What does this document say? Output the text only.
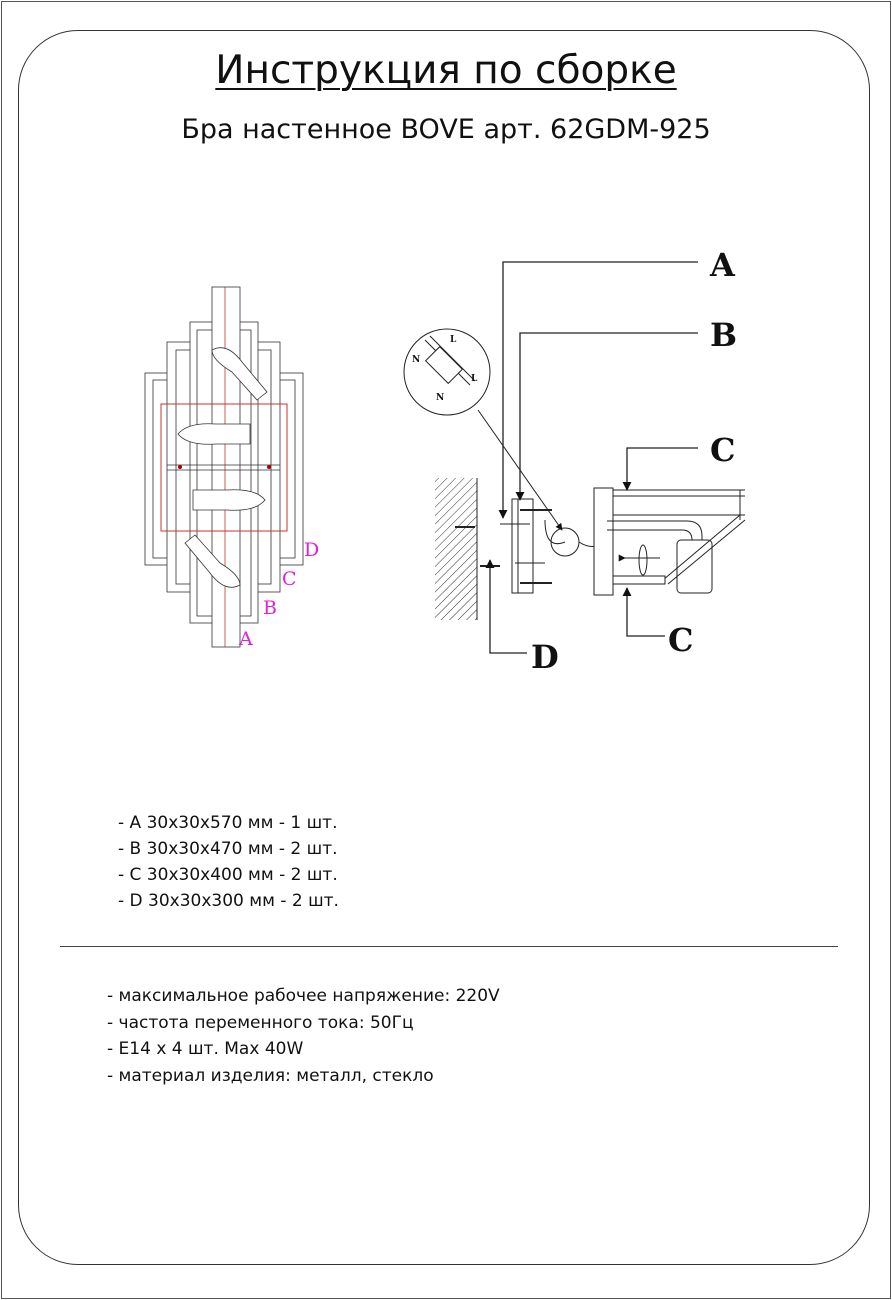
Инструкция по сборке
Бра настенное BOVE арт. 62GDM-925
A
B
C
D
N
L
N
L
A
B
C
C
D
- A 30x30x570 мм - 1 шт.
- B 30x30x470 мм - 2 шт.
- C 30x30x400 мм - 2 шт.
- D 30x30x300 мм - 2 шт.
- максимальное рабочее напряжение: 220V
- частота переменного тока: 50Гц
- E14 x 4 шт. Max 40W
- материал изделия: металл, стекло
